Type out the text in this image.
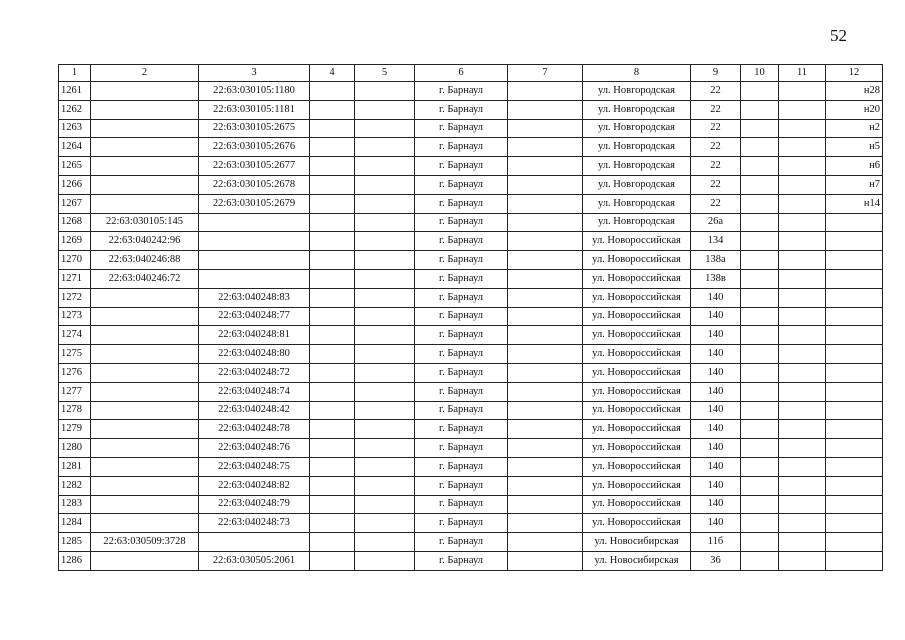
52
1	2	3	4	5	6	7	8	9	10	11	12
1261		22:63:030105:1180			г. Барнаул		ул. Новгородская	22			н28
1262		22:63:030105:1181			г. Барнаул		ул. Новгородская	22			н20
1263		22:63:030105:2675			г. Барнаул		ул. Новгородская	22			н2
1264		22:63:030105:2676			г. Барнаул		ул. Новгородская	22			н5
1265		22:63:030105:2677			г. Барнаул		ул. Новгородская	22			н6
1266		22:63:030105:2678			г. Барнаул		ул. Новгородская	22			н7
1267		22:63:030105:2679			г. Барнаул		ул. Новгородская	22			н14
1268	22:63:030105:145				г. Барнаул		ул. Новгородская	26а			
1269	22:63:040242:96				г. Барнаул		ул. Новороссийская	134			
1270	22:63:040246:88				г. Барнаул		ул. Новороссийская	138а			
1271	22:63:040246:72				г. Барнаул		ул. Новороссийская	138в			
1272		22:63:040248:83			г. Барнаул		ул. Новороссийская	140			
1273		22:63:040248:77			г. Барнаул		ул. Новороссийская	140			
1274		22:63:040248:81			г. Барнаул		ул. Новороссийская	140			
1275		22:63:040248:80			г. Барнаул		ул. Новороссийская	140			
1276		22:63:040248:72			г. Барнаул		ул. Новороссийская	140			
1277		22:63:040248:74			г. Барнаул		ул. Новороссийская	140			
1278		22:63:040248:42			г. Барнаул		ул. Новороссийская	140			
1279		22:63:040248:78			г. Барнаул		ул. Новороссийская	140			
1280		22:63:040248:76			г. Барнаул		ул. Новороссийская	140			
1281		22:63:040248:75			г. Барнаул		ул. Новороссийская	140			
1282		22:63:040248:82			г. Барнаул		ул. Новороссийская	140			
1283		22:63:040248:79			г. Барнаул		ул. Новороссийская	140			
1284		22:63:040248:73			г. Барнаул		ул. Новороссийская	140			
1285	22:63:030509:3728				г. Барнаул		ул. Новосибирская	11б			
1286		22:63:030505:2061			г. Барнаул		ул. Новосибирская	36			
